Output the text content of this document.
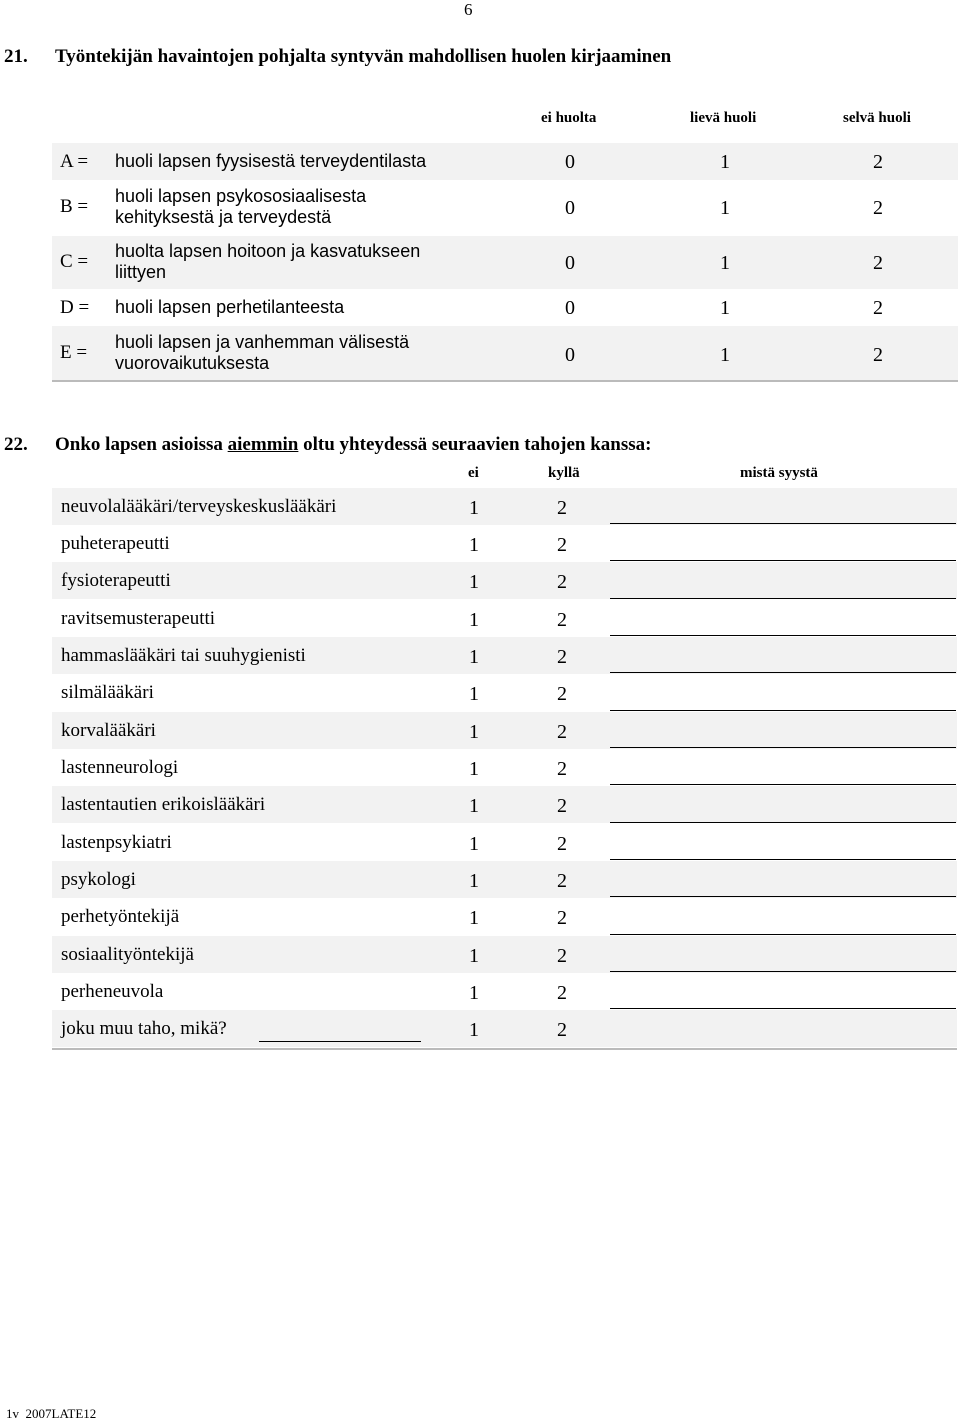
6
21. Työntekijän havaintojen pohjalta syntyvän mahdollisen huolen kirjaaminen
ei huolta	lievä huoli	selvä huoli
A = huoli lapsen fyysisestä terveydentilasta	0	1	2
B = huoli lapsen psykososiaalisesta kehityksestä ja terveydestä	0	1	2
C = huolta lapsen hoitoon ja kasvatukseen liittyen	0	1	2
D = huoli lapsen perhetilanteesta	0	1	2
E = huoli lapsen ja vanhemman välisestä vuorovaikutuksesta	0	1	2
22. Onko lapsen asioissa aiemmin oltu yhteydessä seuraavien tahojen kanssa:
ei	kyllä	mistä syystä
neuvolalääkäri/terveyskeskuslääkäri	1	2
puheterapeutti	1	2
fysioterapeutti	1	2
ravitsemusterapeutti	1	2
hammaslääkäri tai suuhygienisti	1	2
silmälääkäri	1	2
korvalääkäri	1	2
lastenneurologi	1	2
lastentautien erikoislääkäri	1	2
lastenpsykiatri	1	2
psykologi	1	2
perhetyöntekijä	1	2
sosiaalityöntekijä	1	2
perheneuvola	1	2
joku muu taho, mikä?	1	2
1v  2007LATE12
